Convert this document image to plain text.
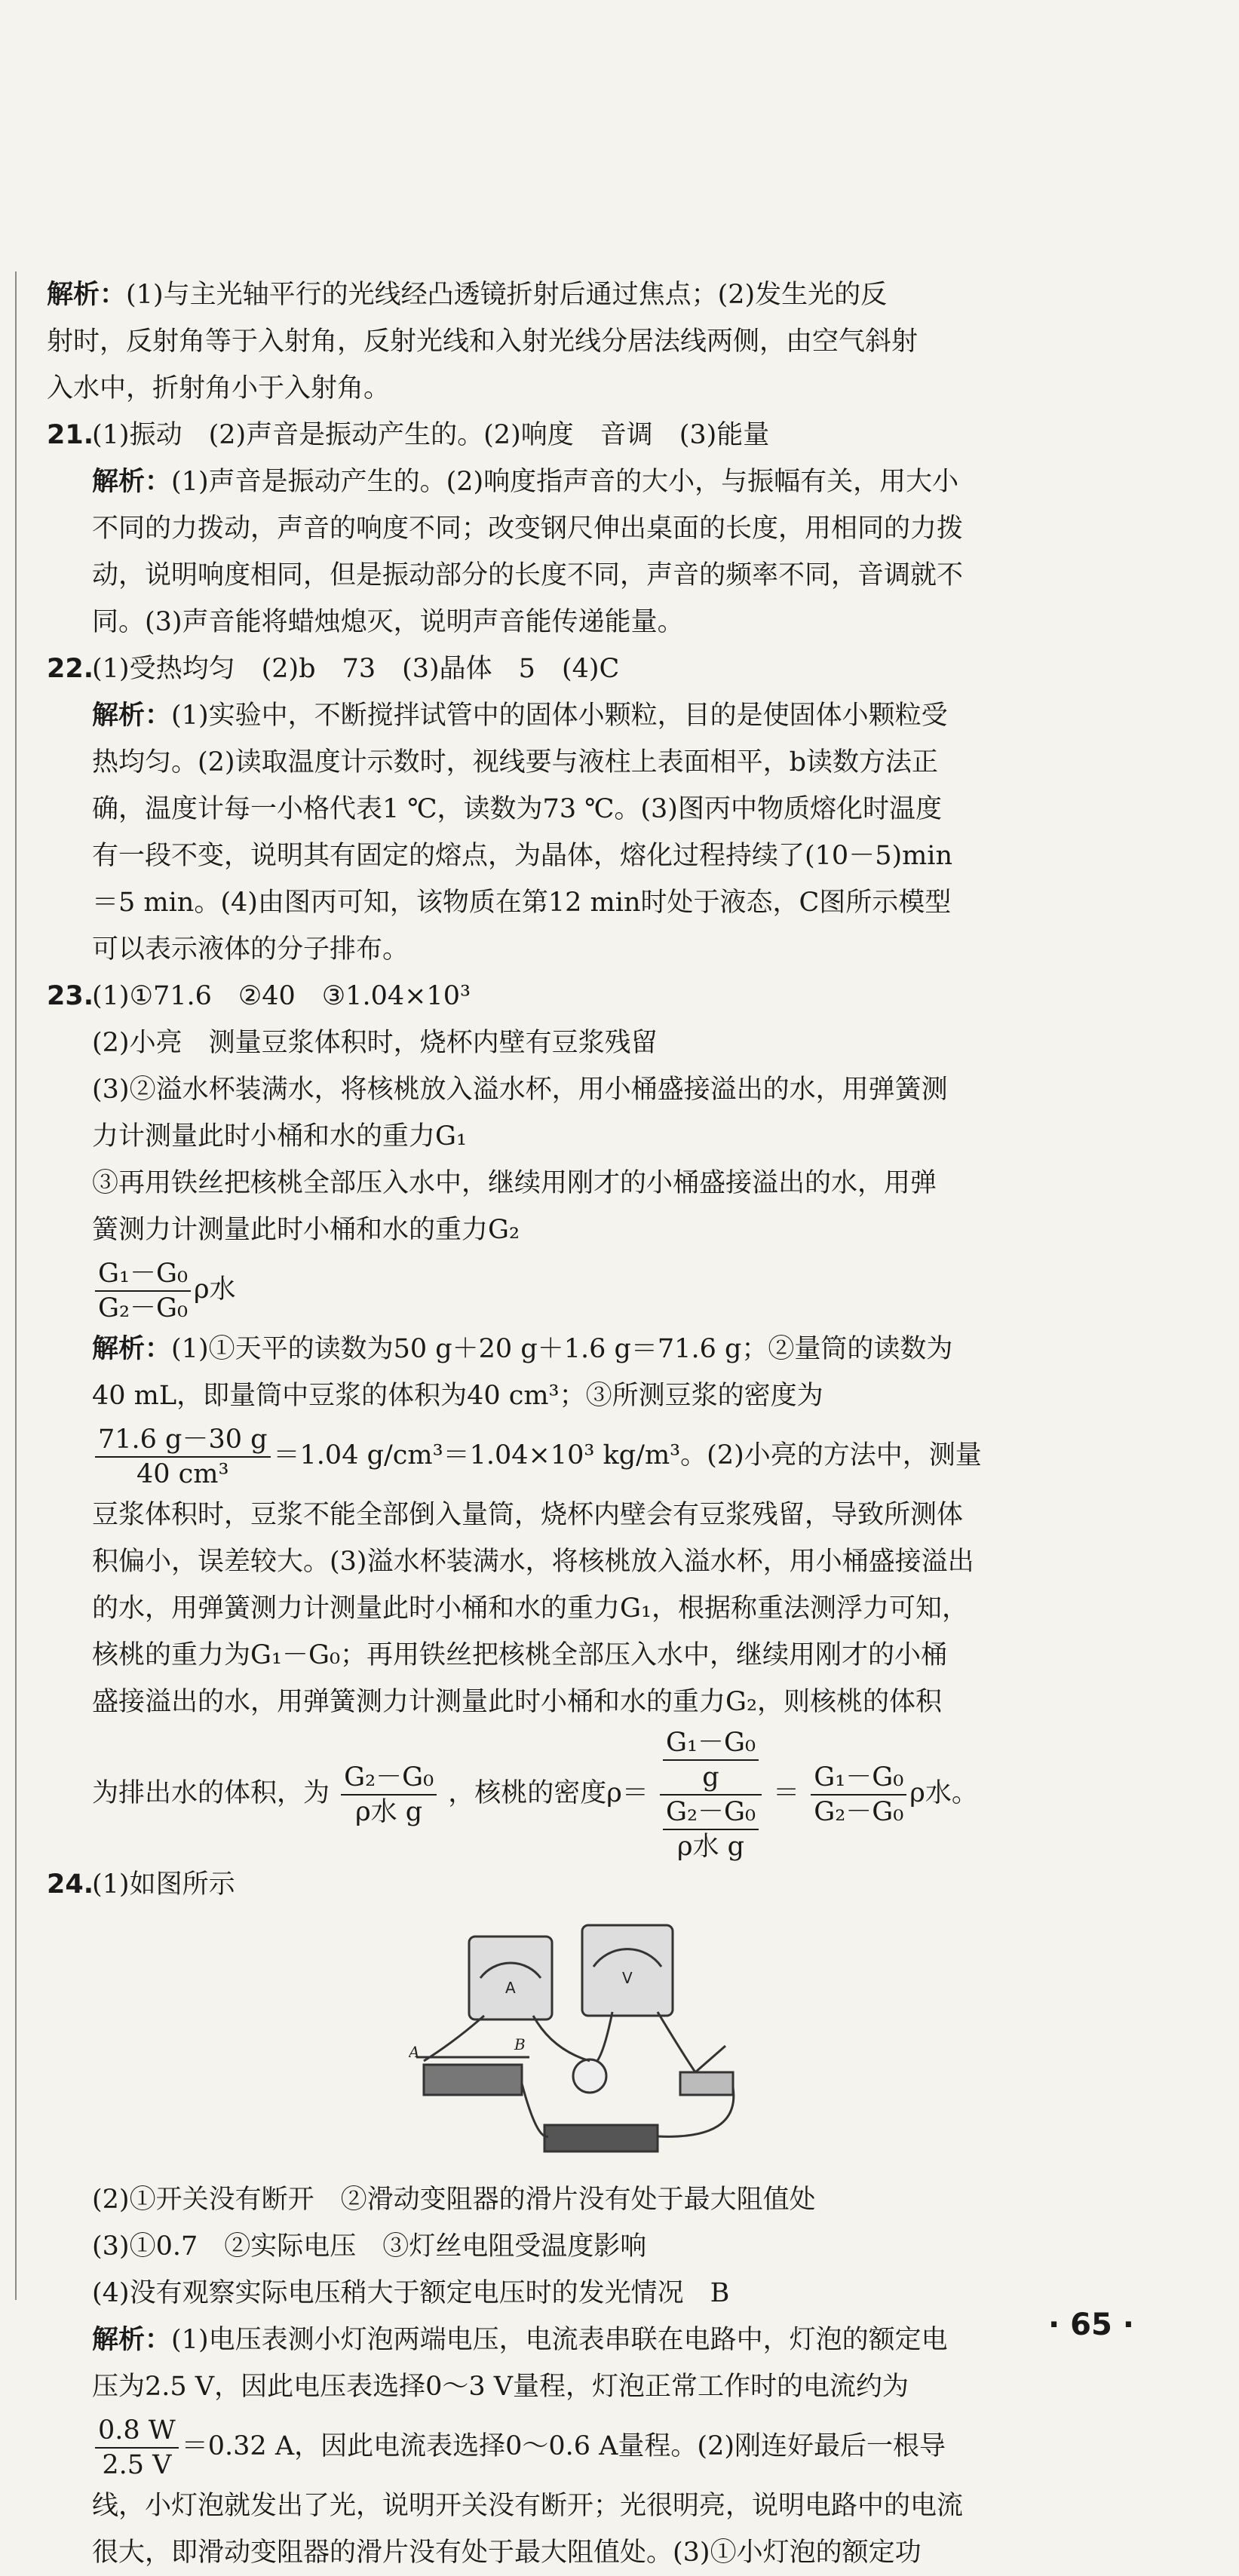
解析：(1)与主光轴平行的光线经凸透镜折射后通过焦点；(2)发生光的反
射时，反射角等于入射角，反射光线和入射光线分居法线两侧，由空气斜射
入水中，折射角小于入射角。
21.(1)振动　(2)声音是振动产生的。(2)响度　音调　(3)能量
解析：(1)声音是振动产生的。(2)响度指声音的大小，与振幅有关，用大小
不同的力拨动，声音的响度不同；改变钢尺伸出桌面的长度，用相同的力拨
动，说明响度相同，但是振动部分的长度不同，声音的频率不同，音调就不
同。(3)声音能将蜡烛熄灭，说明声音能传递能量。
22.(1)受热均匀　(2)b　73　(3)晶体　5　(4)C
解析：(1)实验中，不断搅拌试管中的固体小颗粒，目的是使固体小颗粒受
热均匀。(2)读取温度计示数时，视线要与液柱上表面相平，b读数方法正
确，温度计每一小格代表1 ℃，读数为73 ℃。(3)图丙中物质熔化时温度
有一段不变，说明其有固定的熔点，为晶体，熔化过程持续了(10－5)min
＝5 min。(4)由图丙可知，该物质在第12 min时处于液态，C图所示模型
可以表示液体的分子排布。
23.(1)①71.6　②40　③1.04×10³
(2)小亮　测量豆浆体积时，烧杯内壁有豆浆残留
(3)②溢水杯装满水，将核桃放入溢水杯，用小桶盛接溢出的水，用弹簧测
力计测量此时小桶和水的重力G₁
③再用铁丝把核桃全部压入水中，继续用刚才的小桶盛接溢出的水，用弹
簧测力计测量此时小桶和水的重力G₂
$\frac{\text{G₁－G₀}}{\text{G₂－G₀}}$ ρ水
解析：(1)①天平的读数为50 g＋20 g＋1.6 g＝71.6 g；②量筒的读数为
40 mL，即量筒中豆浆的体积为40 cm³；③所测豆浆的密度为
$\frac{71.6 g-30 g}{\text{40 cm³}} =1.04$ g/cm³＝1.04×10³ kg/m³。(2)小亮的方法中，测量
豆浆体积时，豆浆不能全部倒入量筒，烧杯内壁会有豆浆残留，导致所测体
积偏小，误差较大。(3)溢水杯装满水，将核桃放入溢水杯，用小桶盛接溢出
的水，用弹簧测力计测量此时小桶和水的重力G₁，根据称重法测浮力可知，
核桃的重力为G₁－G₀；再用铁丝把核桃全部压入水中，继续用刚才的小桶
盛接溢出的水，用弹簧测力计测量此时小桶和水的重力G₂，则核桃的体积
为排出水的体积，为 $\frac{\text{G₂－G₀}}{\text{ρ水 g}}$ ，核桃的密度$\rho= \frac{\frac{\text{G₁－G₀}}{g}}{\frac{\text{G₂－G₀}}{\text{ρ水 g}}} = \frac{\text{G₁－G₀}}{\text{G₂－G₀}}$ ρ水。
24.(1)如图所示
A
V
A	B
(2)①开关没有断开　②滑动变阻器的滑片没有处于最大阻值处
(3)①0.7　②实际电压　③灯丝电阻受温度影响
(4)没有观察实际电压稍大于额定电压时的发光情况　B
解析：(1)电压表测小灯泡两端电压，电流表串联在电路中，灯泡的额定电
压为2.5 V，因此电压表选择0～3 V量程，灯泡正常工作时的电流约为
$\frac{0.8 W}{2.5 V} =0.32$ A，因此电流表选择0～0.6 A量程。(2)刚连好最后一根导
线，小灯泡就发出了光，说明开关没有断开；光很明亮，说明电路中的电流
很大，即滑动变阻器的滑片没有处于最大阻值处。(3)①小灯泡的额定功
· 65 ·
